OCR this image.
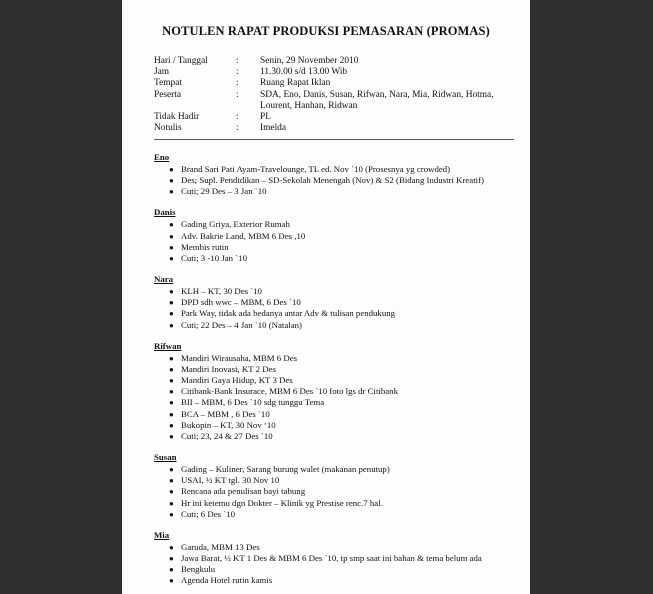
NOTULEN RAPAT PRODUKSI PEMASARAN (PROMAS)
Hari / Tanggal	:	Senin, 29 November 2010
Jam	:	11.30.00 s/d 13.00 Wib
Tempat	:	Ruang Rapat Iklan
Peserta	:	SDA, Eno, Danis, Susan, Rifwan, Nara, Mia, Ridwan, Hotma, Lourent, Hanhan, Ridwan
Tidak Hadir	:	PL
Notulis	:	Imelda
Eno
● Brand Sari Pati Ayam-Travelounge, TL ed. Nov `10 (Prosesnya yg crowded)
● Des; Supl. Pendidikan – SD-Sekolah Menengah (Nov) & S2 (Bidang Industri Kreatif)
● Cuti; 29 Des – 3 Jan `10
Danis
● Gading Griya, Exterior Rumah
● Adv. Bakrie Land, MBM 6 Des ,10
● Membis rutin
● Cuti; 3 -10 Jan `10
Nara
● KLH – KT, 30 Des `10
● DPD sdh wwc – MBM, 6 Des `10
● Park Way, tidak ada bedanya antar Adv & tulisan pendukung
● Cuti; 22 Des – 4 Jan `10 (Natalan)
Rifwan
● Mandiri Wirausaha, MBM 6 Des
● Mandiri Inovasi, KT 2 Des
● Mandiri Gaya Hidup, KT 3 Des
● Citibank-Bank Insurace, MBM 6 Des `10 foto lgs dr Citibank
● BII – MBM, 6 Des `10 sdg tunggu Tema
● BCA – MBM , 6 Des `10
● Bukopin – KT, 30 Nov ‘10
● Cuti; 23, 24 & 27 Des `10
Susan
● Gading – Kuliner, Sarang burung walet (makanan penutup)
● USAI, ½ KT tgl. 30 Nov 10
● Rencana ada penulisan bayi tabung
● Hr ini ketemu dgn Dokter – Klinik yg Prestise renc.7 hal.
● Cuti; 6 Des `10
Mia
● Garuda, MBM 13 Des
● Jawa Barat, ½ KT 1 Des & MBM 6 Des `10, tp smp saat ini bahan & tema belum ada
● Bengkulu
● Agenda Hotel rutin kamis
